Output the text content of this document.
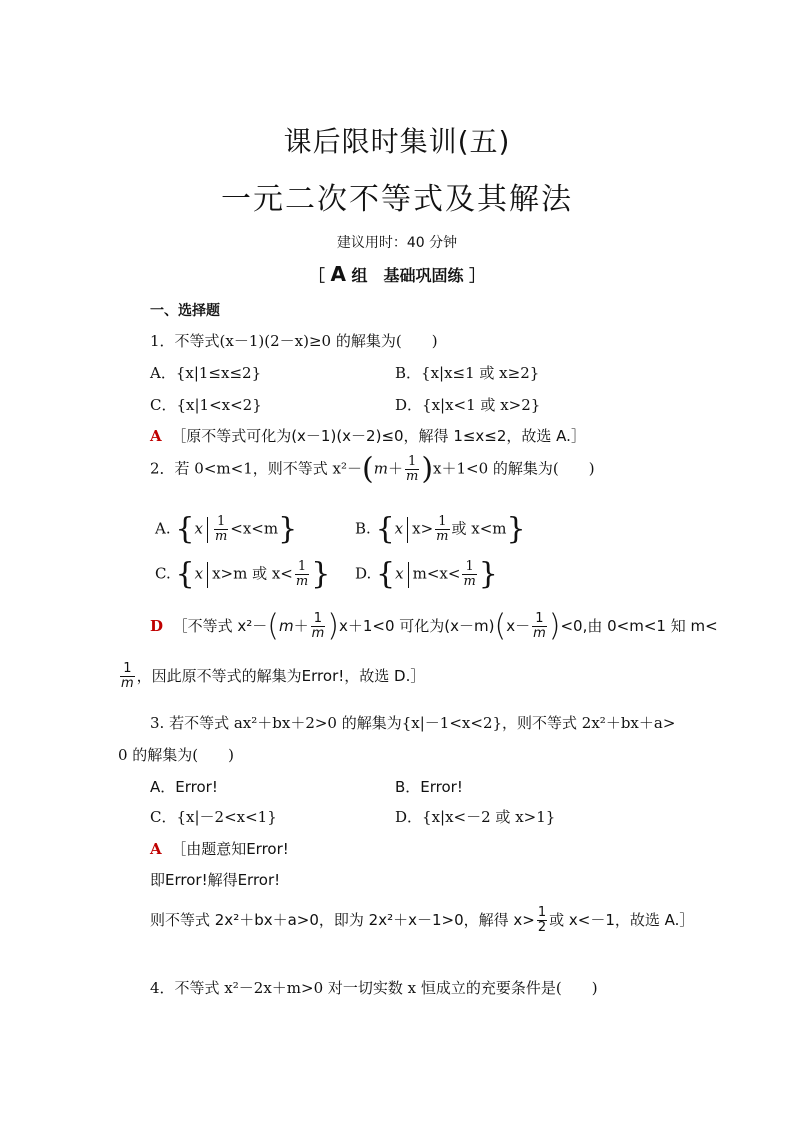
课后限时集训(五)
一元二次不等式及其解法
建议用时：40 分钟
［ A 组　基础巩固练 ］
一、选择题
1．不等式(x－1)(2－x)≥0 的解集为(　　)
A．{x|1≤x≤2}	B．{x|x≤1 或 x≥2}
C．{x|1<x<2}	D．{x|x<1 或 x>2}
A ［原不等式可化为(x－1)(x－2)≤0，解得 1≤x≤2，故选 A.］
2．若 0<m<1，则不等式 $x^2-(m+ \frac{1}{m} )x+1<0$ 的解集为(　　)
A. $\{x \frac{1}{m} <x<m\}$	B. {x $x> \frac{1}{m}$ 或 x<m}
C. {x x>m 或 $x< \frac{1}{m}$ } D. {x $m<x< \frac{1}{m}$ }
D ［不等式 $x^2-(m+ \frac{1}{m} )x+1<0$ 可化为$(x-m)(x- \frac{1}{m} )<0$,由 0<m<1 知 m<
$\frac{1}{m}$ ，因此原不等式的解集为Error!，故选 D.］
3. 若不等式 ax²＋bx＋2>0 的解集为{x|－1<x<2}，则不等式 2x²＋bx＋a>
0 的解集为(　　)
A．Error!	B．Error!
C．{x|－2<x<1}	D．{x|x<－2 或 x>1}
A ［由题意知Error!
即Error!解得Error!
则不等式 2x²＋bx＋a>0，即为 2x²＋x－1>0，解得 $x> \frac{1}{2}$ 或 x<－1，故选 A.］
4．不等式 x²－2x＋m>0 对一切实数 x 恒成立的充要条件是(　　)
